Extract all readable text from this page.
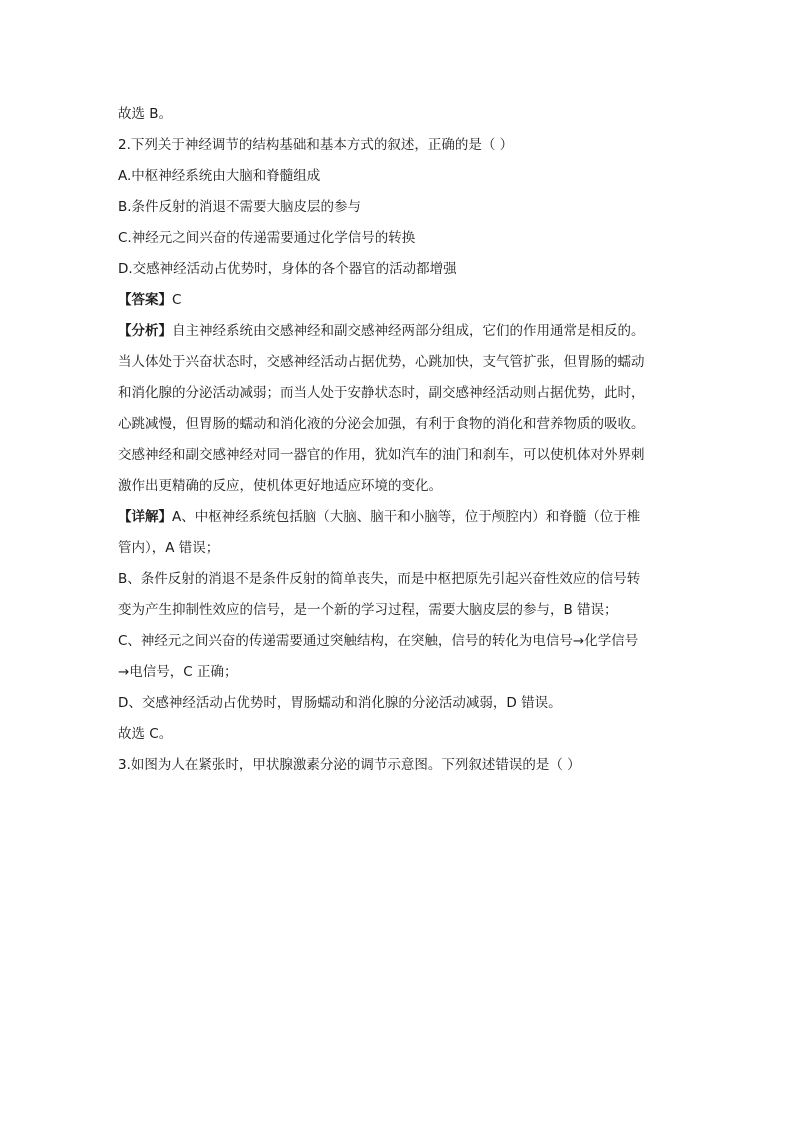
故选 B。
2.下列关于神经调节的结构基础和基本方式的叙述，正确的是（ ）
A.中枢神经系统由大脑和脊髓组成
B.条件反射的消退不需要大脑皮层的参与
C.神经元之间兴奋的传递需要通过化学信号的转换
D.交感神经活动占优势时，身体的各个器官的活动都增强
【答案】C
【分析】自主神经系统由交感神经和副交感神经两部分组成，它们的作用通常是相反的。
当人体处于兴奋状态时，交感神经活动占据优势，心跳加快，支气管扩张，但胃肠的蠕动
和消化腺的分泌活动减弱；而当人处于安静状态时，副交感神经活动则占据优势，此时，
心跳减慢，但胃肠的蠕动和消化液的分泌会加强，有利于食物的消化和营养物质的吸收。
交感神经和副交感神经对同一器官的作用，犹如汽车的油门和刹车，可以使机体对外界刺
激作出更精确的反应，使机体更好地适应环境的变化。
【详解】A、中枢神经系统包括脑（大脑、脑干和小脑等，位于颅腔内）和脊髓（位于椎
管内），A 错误；
B、条件反射的消退不是条件反射的简单丧失，而是中枢把原先引起兴奋性效应的信号转
变为产生抑制性效应的信号，是一个新的学习过程，需要大脑皮层的参与，B 错误；
C、神经元之间兴奋的传递需要通过突触结构，在突触，信号的转化为电信号→化学信号
→电信号，C 正确；
D、交感神经活动占优势时，胃肠蠕动和消化腺的分泌活动减弱，D 错误。
故选 C。
3.如图为人在紧张时，甲状腺激素分泌的调节示意图。下列叙述错误的是（ ）
